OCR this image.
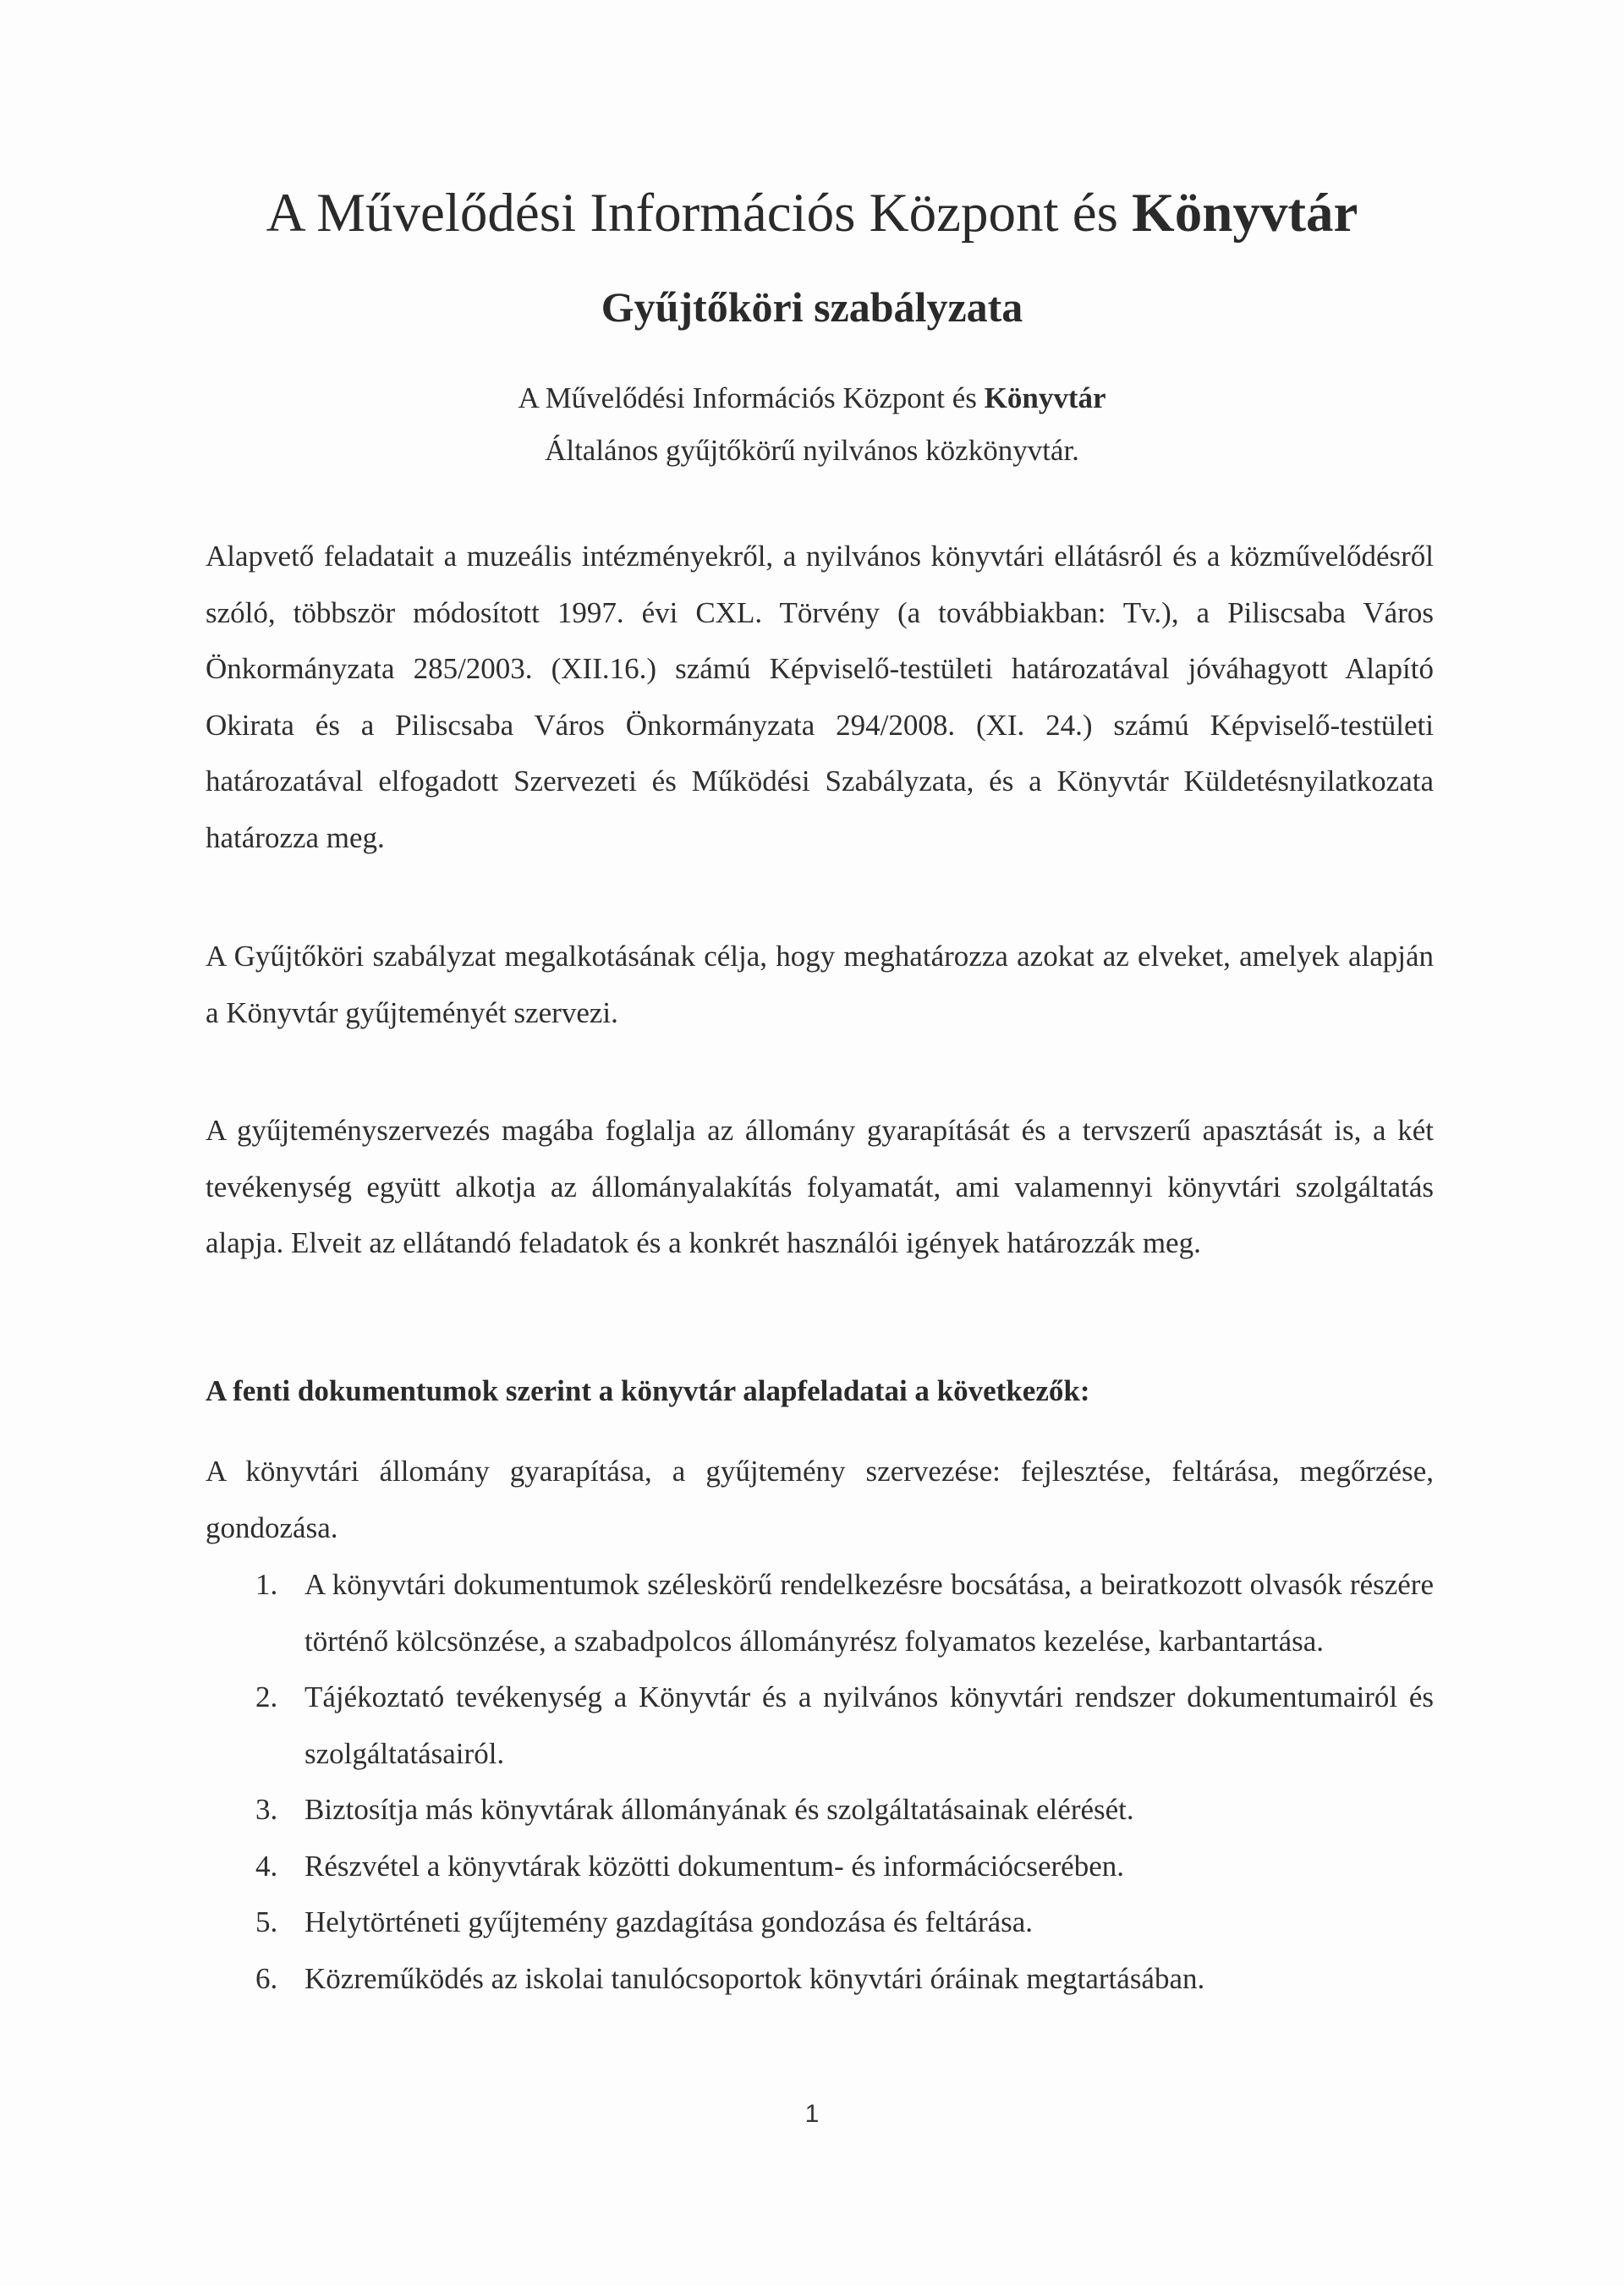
A Művelődési Információs Központ és Könyvtár
Gyűjtőköri szabályzata
A Művelődési Információs Központ és Könyvtár
Általános gyűjtőkörű nyilvános közkönyvtár.
Alapvető feladatait a muzeális intézményekről, a nyilvános könyvtári ellátásról és a közművelődésről szóló, többször módosított 1997. évi CXL. Törvény (a továbbiakban: Tv.), a Piliscsaba Város Önkormányzata 285/2003. (XII.16.) számú Képviselő-testületi határozatával jóváhagyott Alapító Okirata és a Piliscsaba Város Önkormányzata 294/2008. (XI. 24.) számú Képviselő-testületi határozatával elfogadott Szervezeti és Működési Szabályzata, és a Könyvtár Küldetésnyilatkozata határozza meg.
A Gyűjtőköri szabályzat megalkotásának célja, hogy meghatározza azokat az elveket, amelyek alapján a Könyvtár gyűjteményét szervezi.
A gyűjteményszervezés magába foglalja az állomány gyarapítását és a tervszerű apasztását is, a két tevékenység együtt alkotja az állományalakítás folyamatát, ami valamennyi könyvtári szolgáltatás alapja. Elveit az ellátandó feladatok és a konkrét használói igények határozzák meg.
A fenti dokumentumok szerint a könyvtár alapfeladatai a következők:
A könyvtári állomány gyarapítása, a gyűjtemény szervezése: fejlesztése, feltárása, megőrzése, gondozása.
1. A könyvtári dokumentumok széleskörű rendelkezésre bocsátása, a beiratkozott olvasók részére történő kölcsönzése, a szabadpolcos állományrész folyamatos kezelése, karbantartása.
2. Tájékoztató tevékenység a Könyvtár és a nyilvános könyvtári rendszer dokumentumairól és szolgáltatásairól.
3. Biztosítja más könyvtárak állományának és szolgáltatásainak elérését.
4. Részvétel a könyvtárak közötti dokumentum- és információcserében.
5. Helytörténeti gyűjtemény gazdagítása gondozása és feltárása.
6. Közreműködés az iskolai tanulócsoportok könyvtári óráinak megtartásában.
1
